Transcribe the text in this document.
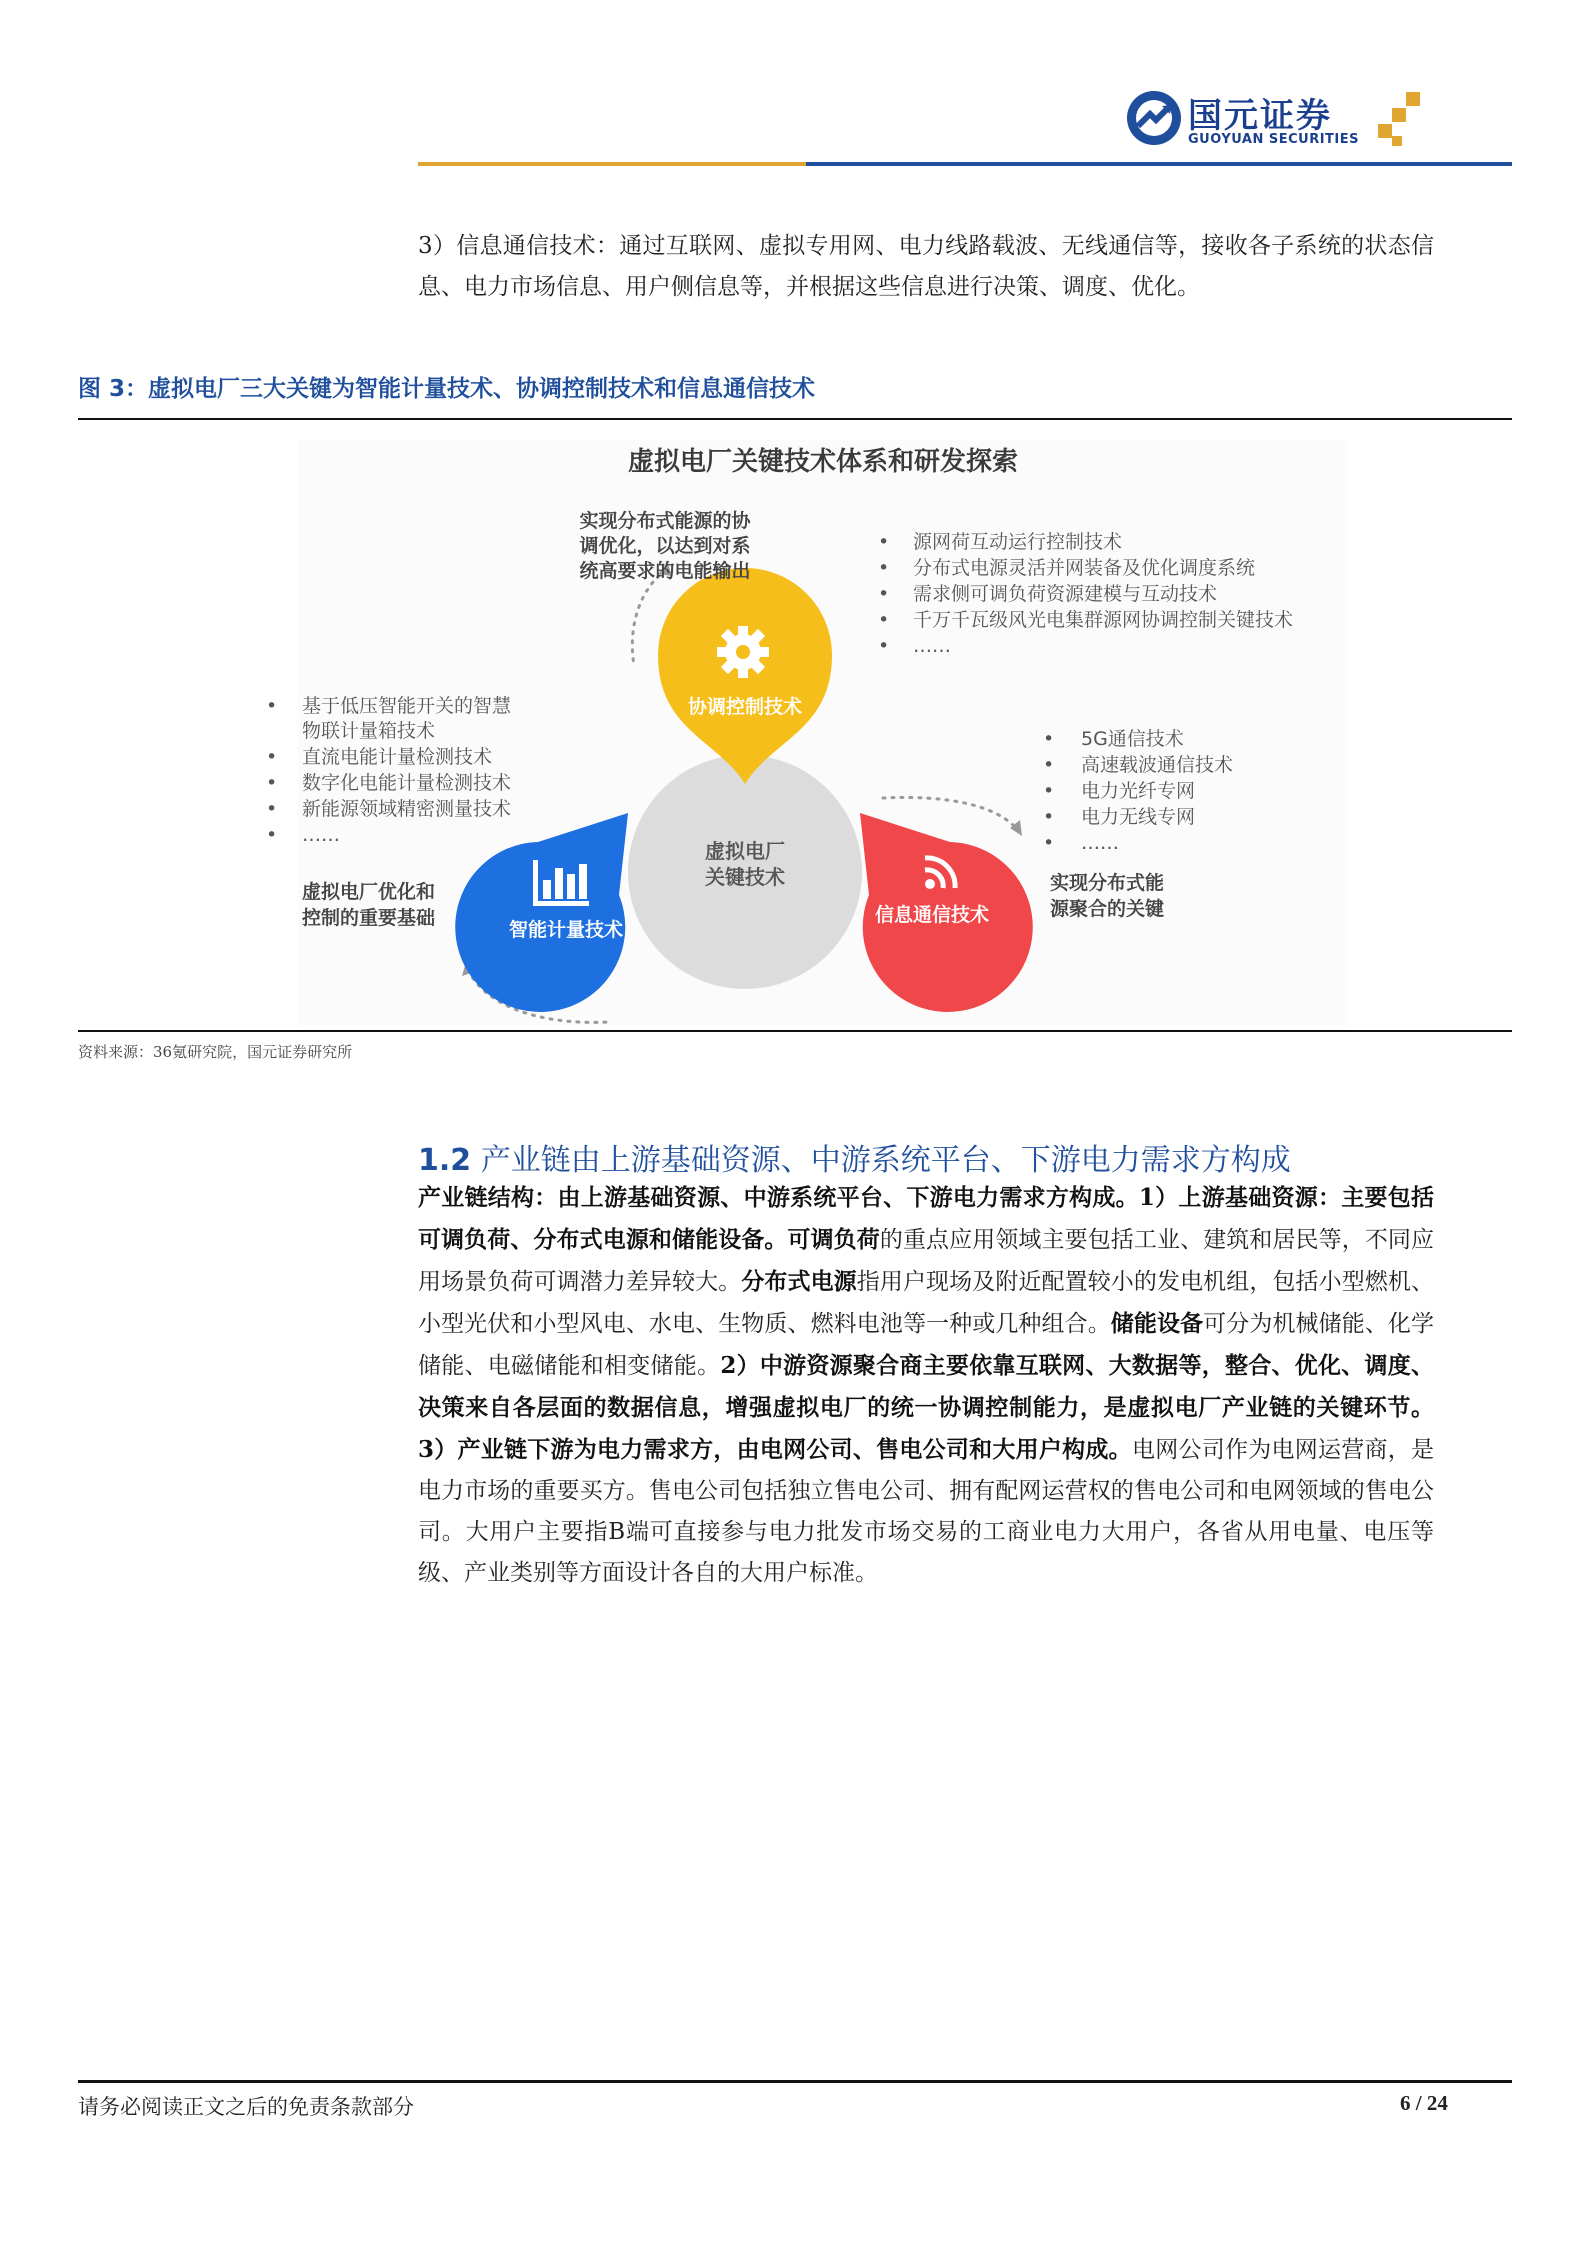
国元证券
GUOYUAN SECURITIES
3）信息通信技术：通过互联网、虚拟专用网、电力线路载波、无线通信等，接收各子系统的状态信息、电力市场信息、用户侧信息等，并根据这些信息进行决策、调度、优化。
图 3：虚拟电厂三大关键为智能计量技术、协调控制技术和信息通信技术
虚拟电厂关键技术体系和研发探索
虚拟电厂
关键技术
协调控制技术
智能计量技术
信息通信技术
实现分布式能源的协
调优化，以达到对系
统高要求的电能输出
• 源网荷互动运行控制技术
• 分布式电源灵活并网装备及优化调度系统
• 需求侧可调负荷资源建模与互动技术
• 千万千瓦级风光电集群源网协调控制关键技术
• ……
• 基于低压智能开关的智慧
物联计量箱技术
• 直流电能计量检测技术
• 数字化电能计量检测技术
• 新能源领域精密测量技术
• ……
虚拟电厂优化和
控制的重要基础
• 5G通信技术
• 高速载波通信技术
• 电力光纤专网
• 电力无线专网
• ……
实现分布式能
源聚合的关键
资料来源：36氪研究院，国元证券研究所
1.2 产业链由上游基础资源、中游系统平台、下游电力需求方构成
产业链结构：由上游基础资源、中游系统平台、下游电力需求方构成。1）上游基础资源：主要包括可调负荷、分布式电源和储能设备。可调负荷的重点应用领域主要包括工业、建筑和居民等，不同应用场景负荷可调潜力差异较大。分布式电源指用户现场及附近配置较小的发电机组，包括小型燃机、小型光伏和小型风电、水电、生物质、燃料电池等一种或几种组合。储能设备可分为机械储能、化学储能、电磁储能和相变储能。2）中游资源聚合商主要依靠互联网、大数据等，整合、优化、调度、决策来自各层面的数据信息，增强虚拟电厂的统一协调控制能力，是虚拟电厂产业链的关键环节。3）产业链下游为电力需求方，由电网公司、售电公司和大用户构成。电网公司作为电网运营商，是电力市场的重要买方。售电公司包括独立售电公司、拥有配网运营权的售电公司和电网领域的售电公司。大用户主要指B端可直接参与电力批发市场交易的工商业电力大用户，各省从用电量、电压等级、产业类别等方面设计各自的大用户标准。
请务必阅读正文之后的免责条款部分	6 / 24
